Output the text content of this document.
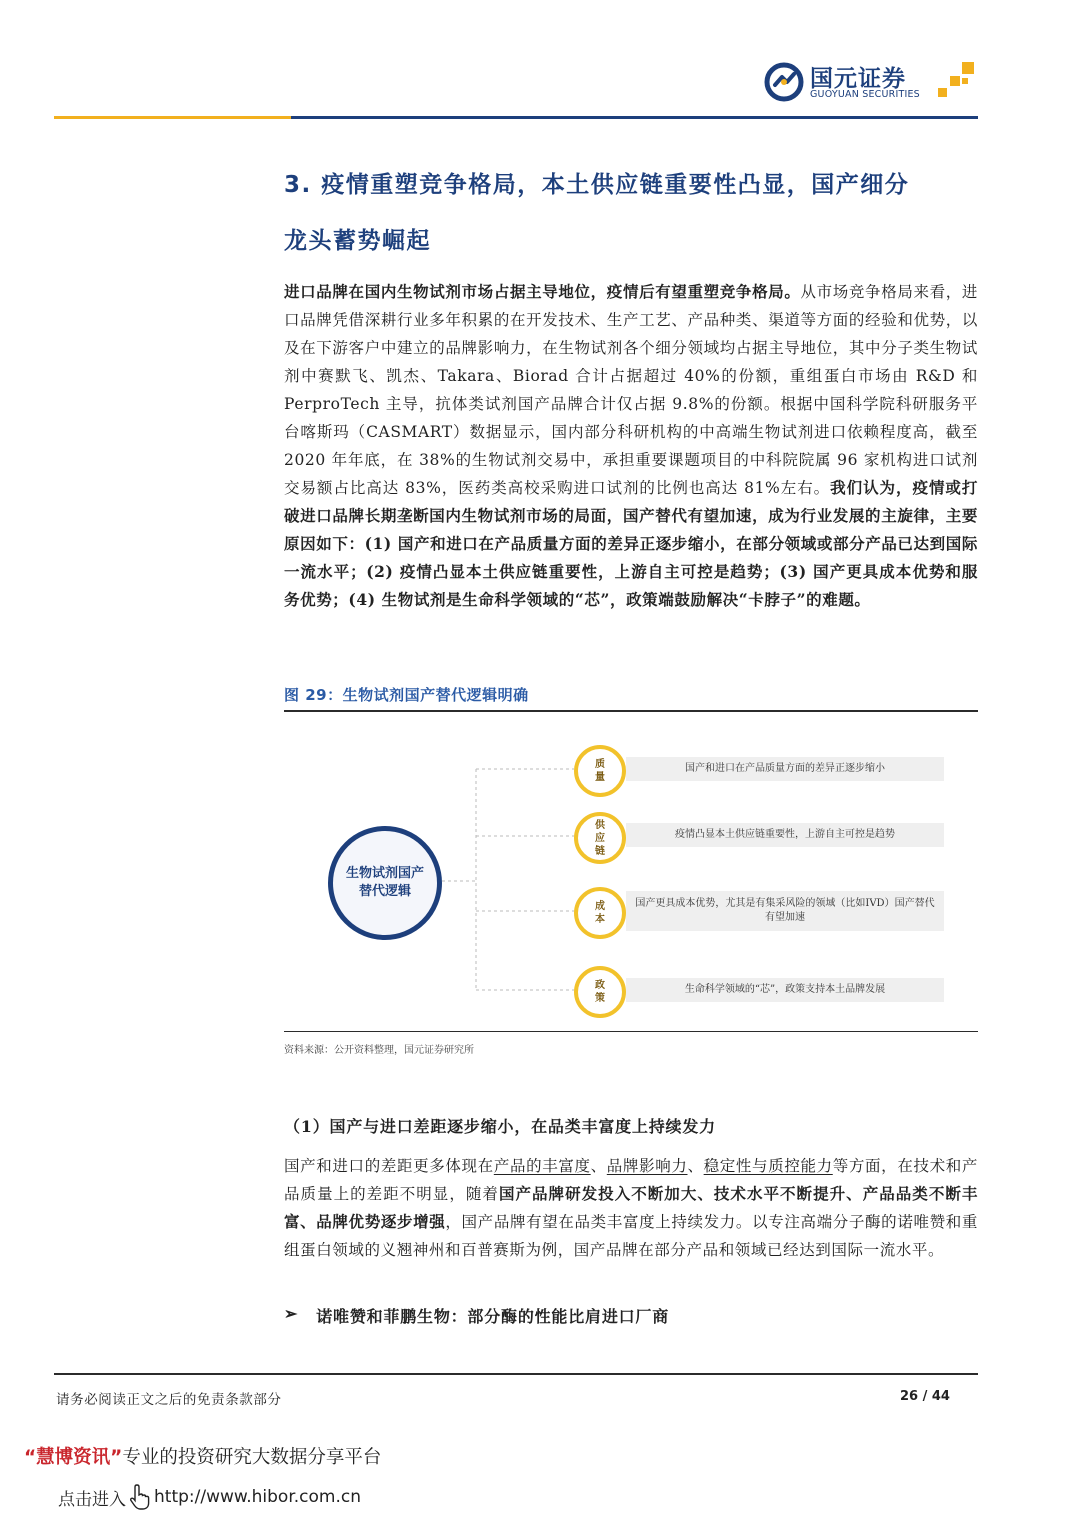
国元证券
GUOYUAN SECURITIES
3. 疫情重塑竞争格局，本土供应链重要性凸显，国产细分
龙头蓄势崛起
进口品牌在国内生物试剂市场占据主导地位，疫情后有望重塑竞争格局。从市场竞争格局来看，进口品牌凭借深耕行业多年积累的在开发技术、生产工艺、产品种类、渠道等方面的经验和优势，以及在下游客户中建立的品牌影响力，在生物试剂各个细分领域均占据主导地位，其中分子类生物试剂中赛默飞、凯杰、Takara、Biorad 合计占据超过 40%的份额，重组蛋白市场由 R&D 和 PerproTech 主导，抗体类试剂国产品牌合计仅占据 9.8%的份额。根据中国科学院科研服务平台喀斯玛（CASMART）数据显示，国内部分科研机构的中高端生物试剂进口依赖程度高，截至 2020 年年底，在 38%的生物试剂交易中，承担重要课题项目的中科院院属 96 家机构进口试剂交易额占比高达 83%，医药类高校采购进口试剂的比例也高达 81%左右。我们认为，疫情或打破进口品牌长期垄断国内生物试剂市场的局面，国产替代有望加速，成为行业发展的主旋律，主要原因如下：(1) 国产和进口在产品质量方面的差异正逐步缩小，在部分领域或部分产品已达到国际一流水平；(2) 疫情凸显本土供应链重要性，上游自主可控是趋势；(3) 国产更具成本优势和服务优势；(4) 生物试剂是生命科学领域的“芯”，政策端鼓励解决“卡脖子”的难题。
图 29：生物试剂国产替代逻辑明确
生物试剂国产替代逻辑
质量
国产和进口在产品质量方面的差异正逐步缩小
供应链
疫情凸显本土供应链重要性，上游自主可控是趋势
成本
国产更具成本优势，尤其是有集采风险的领域（比如IVD）国产替代有望加速
政策
生命科学领域的“芯”，政策支持本土品牌发展
资料来源：公开资料整理，国元证券研究所
（1）国产与进口差距逐步缩小，在品类丰富度上持续发力
国产和进口的差距更多体现在产品的丰富度、品牌影响力、稳定性与质控能力等方面，在技术和产品质量上的差距不明显，随着国产品牌研发投入不断加大、技术水平不断提升、产品品类不断丰富、品牌优势逐步增强，国产品牌有望在品类丰富度上持续发力。以专注高端分子酶的诺唯赞和重组蛋白领域的义翘神州和百普赛斯为例，国产品牌在部分产品和领域已经达到国际一流水平。
➢ 诺唯赞和菲鹏生物：部分酶的性能比肩进口厂商
请务必阅读正文之后的免责条款部分	26 / 44
“慧博资讯”专业的投资研究大数据分享平台
点击进入 http://www.hibor.com.cn
